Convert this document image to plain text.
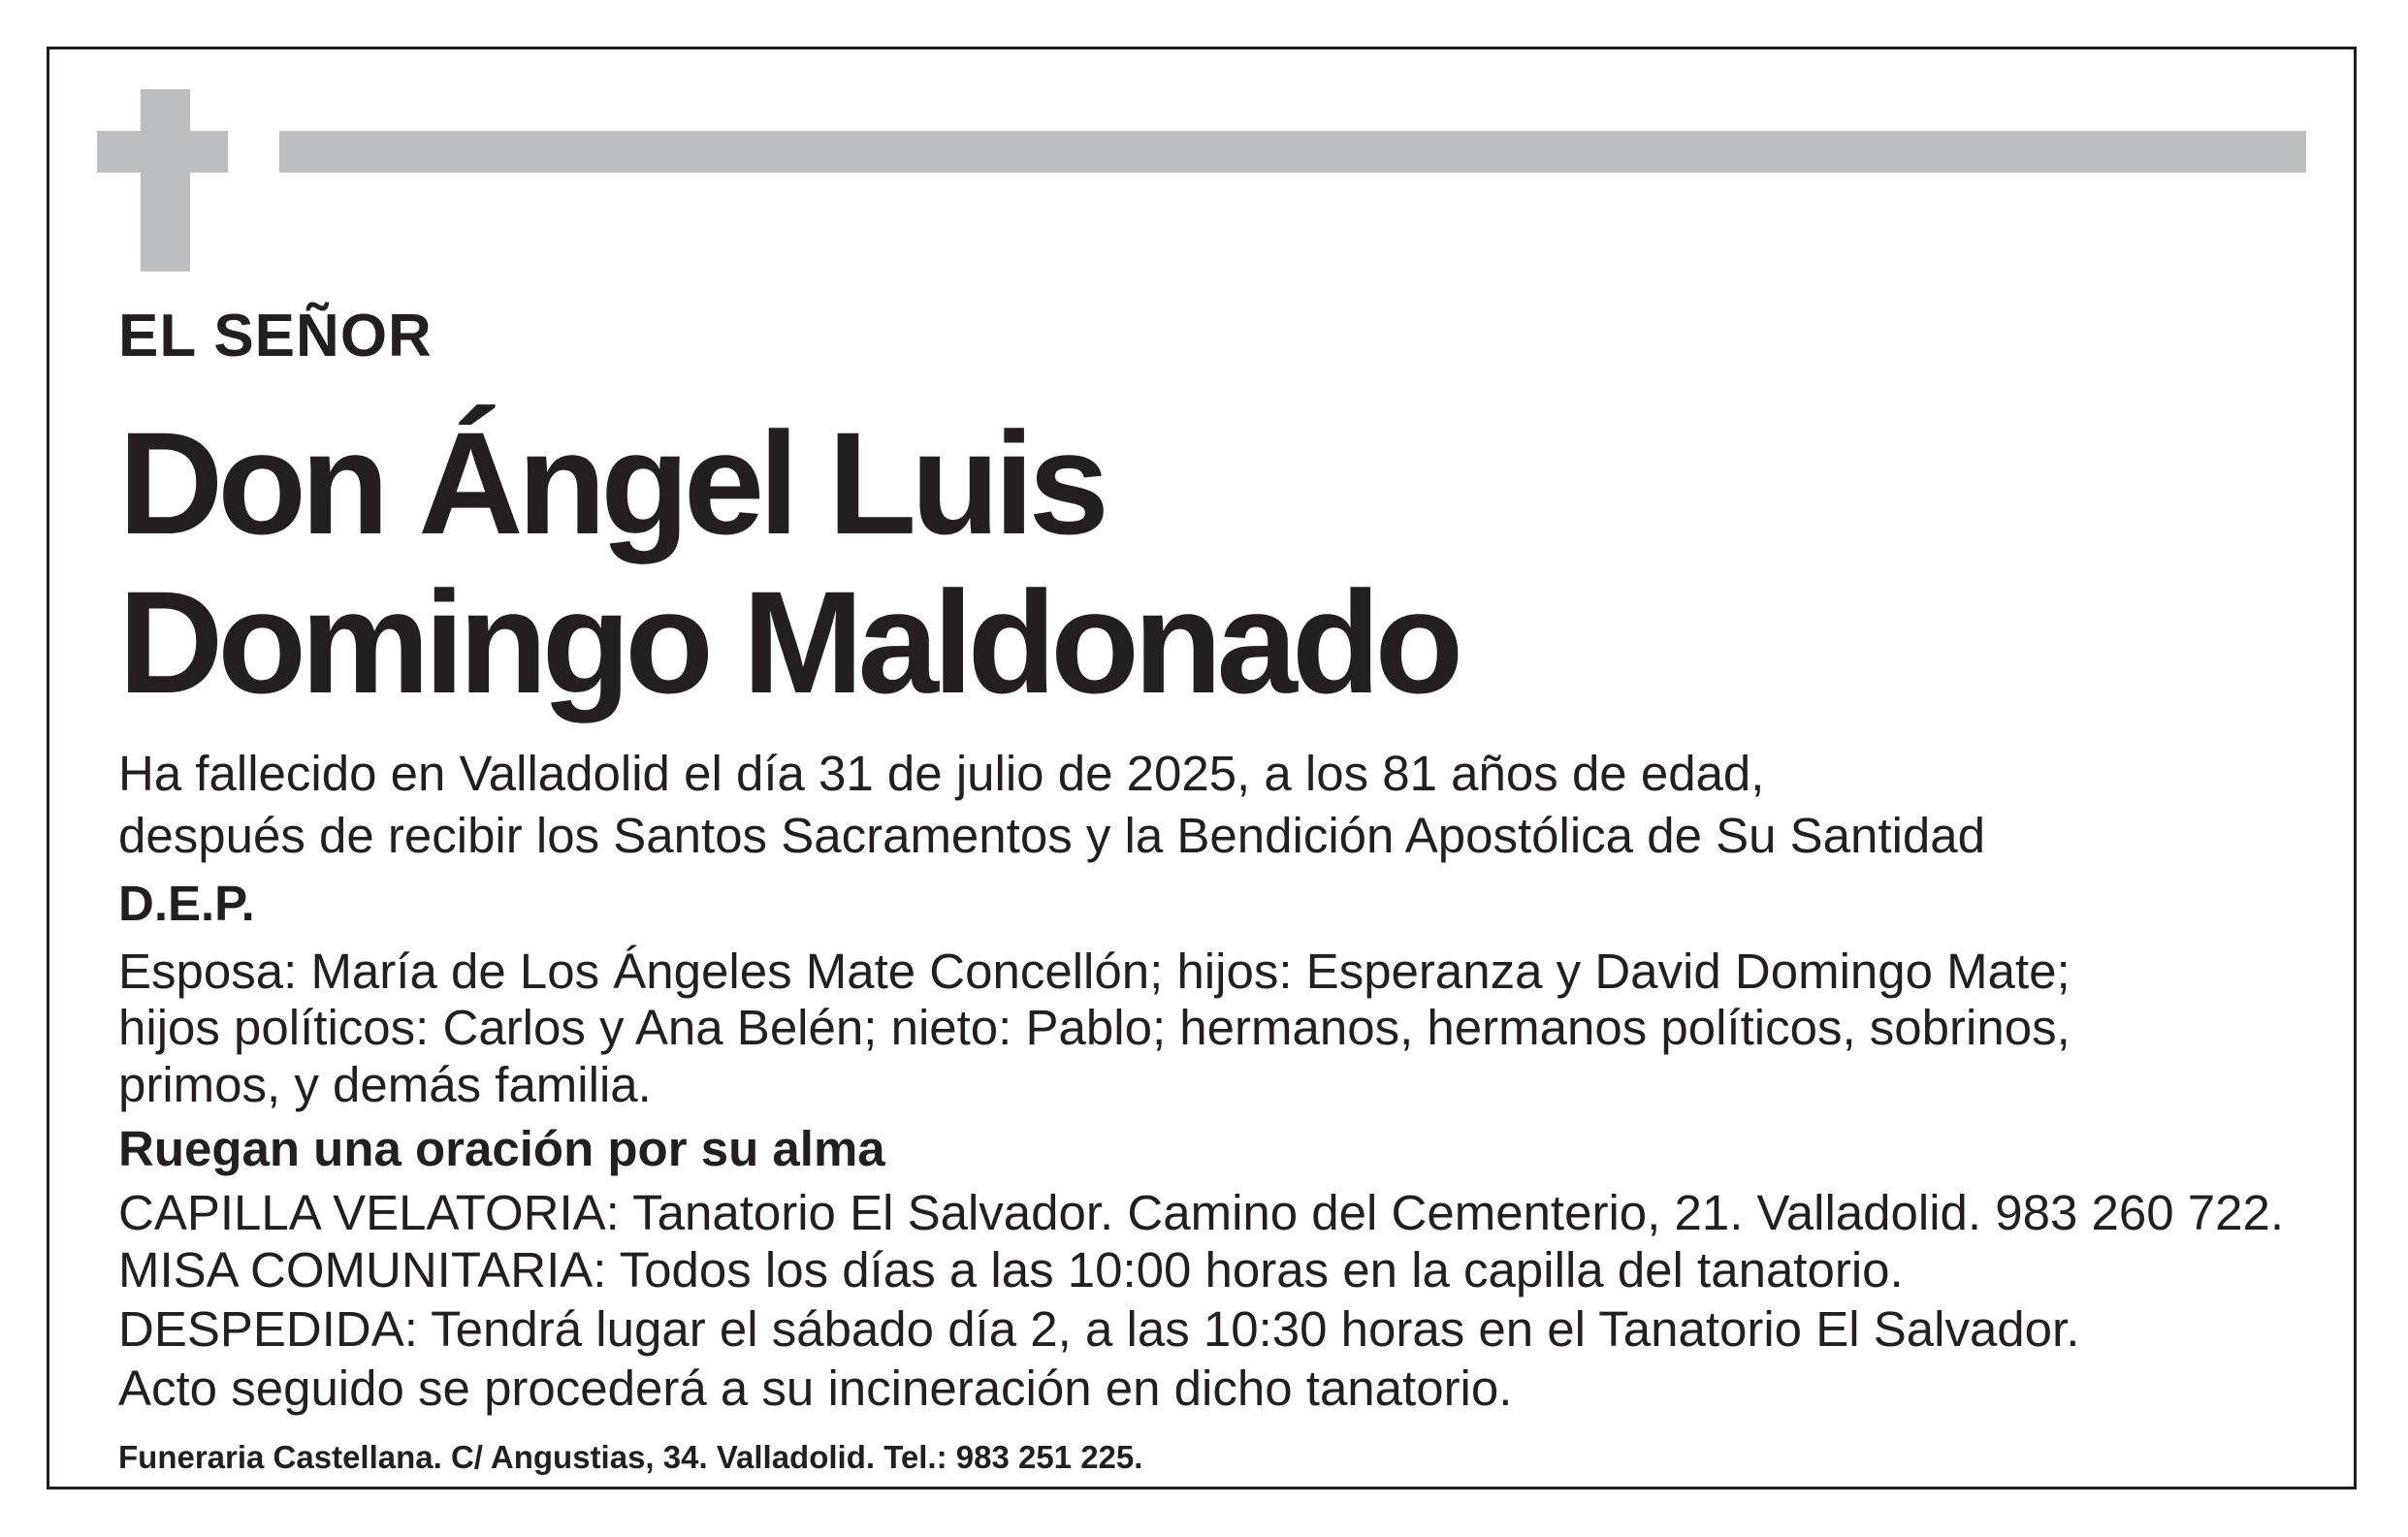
EL SEÑOR
Don Ángel Luis
Domingo Maldonado
Ha fallecido en Valladolid el día 31 de julio de 2025, a los 81 años de edad,
después de recibir los Santos Sacramentos y la Bendición Apostólica de Su Santidad
D.E.P.
Esposa: María de Los Ángeles Mate Concellón; hijos: Esperanza y David Domingo Mate;
hijos políticos: Carlos y Ana Belén; nieto: Pablo; hermanos, hermanos políticos, sobrinos,
primos, y demás familia.
Ruegan una oración por su alma
CAPILLA VELATORIA: Tanatorio El Salvador. Camino del Cementerio, 21. Valladolid. 983 260 722.
MISA COMUNITARIA: Todos los días a las 10:00 horas en la capilla del tanatorio.
DESPEDIDA: Tendrá lugar el sábado día 2, a las 10:30 horas en el Tanatorio El Salvador.
Acto seguido se procederá a su incineración en dicho tanatorio.
Funeraria Castellana. C/ Angustias, 34. Valladolid. Tel.: 983 251 225.
